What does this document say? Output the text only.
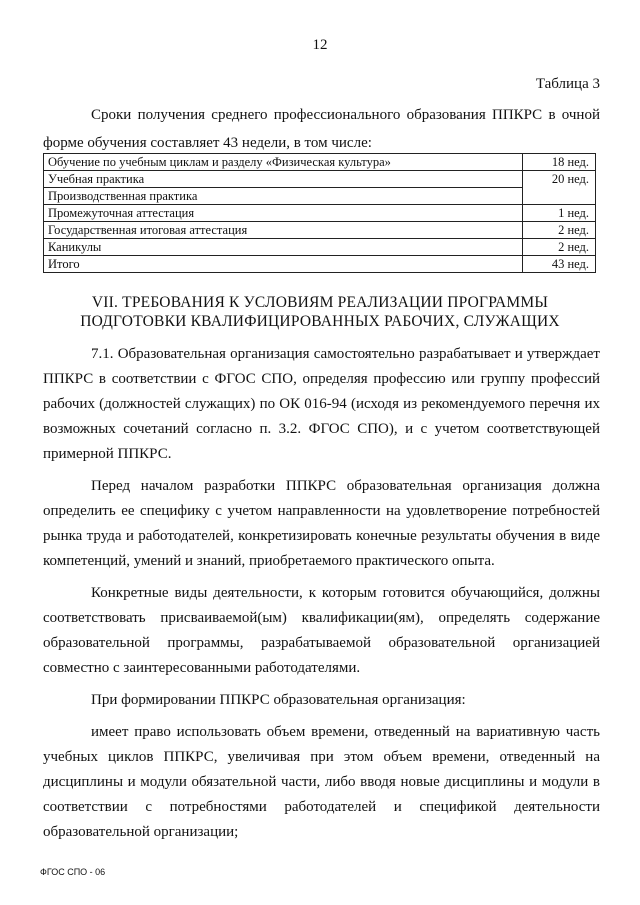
12
Таблица 3

Сроки получения среднего профессионального образования ППКРС в очной форме обучения составляет 43 недели, в том числе:

Обучение по учебным циклам и разделу «Физическая культура»	18 нед.
Учебная практика	20 нед.
Производственная практика	
Промежуточная аттестация	1 нед.
Государственная итоговая аттестация	2 нед.
Каникулы	2 нед.
Итого	43 нед.
VII. ТРЕБОВАНИЯ К УСЛОВИЯМ РЕАЛИЗАЦИИ ПРОГРАММЫ
ПОДГОТОВКИ КВАЛИФИЦИРОВАННЫХ РАБОЧИХ, СЛУЖАЩИХ

7.1. Образовательная организация самостоятельно разрабатывает и утверждает ППКРС в соответствии с ФГОС СПО, определяя профессию или группу профессий рабочих (должностей служащих) по ОК 016-94 (исходя из рекомендуемого перечня их возможных сочетаний согласно п. 3.2. ФГОС СПО), и с учетом соответствующей примерной ППКРС.

Перед началом разработки ППКРС образовательная организация должна определить ее специфику с учетом направленности на удовлетворение потребностей рынка труда и работодателей, конкретизировать конечные результаты обучения в виде компетенций, умений и знаний, приобретаемого практического опыта.

Конкретные виды деятельности, к которым готовится обучающийся, должны соответствовать присваиваемой(ым) квалификации(ям), определять содержание образовательной программы, разрабатываемой образовательной организацией совместно с заинтересованными работодателями.

При формировании ППКРС образовательная организация:

имеет право использовать объем времени, отведенный на вариативную часть учебных циклов ППКРС, увеличивая при этом объем времени, отведенный на дисциплины и модули обязательной части, либо вводя новые дисциплины и модули в соответствии с потребностями работодателей и спецификой деятельности образовательной организации;

ФГОС СПО - 06
